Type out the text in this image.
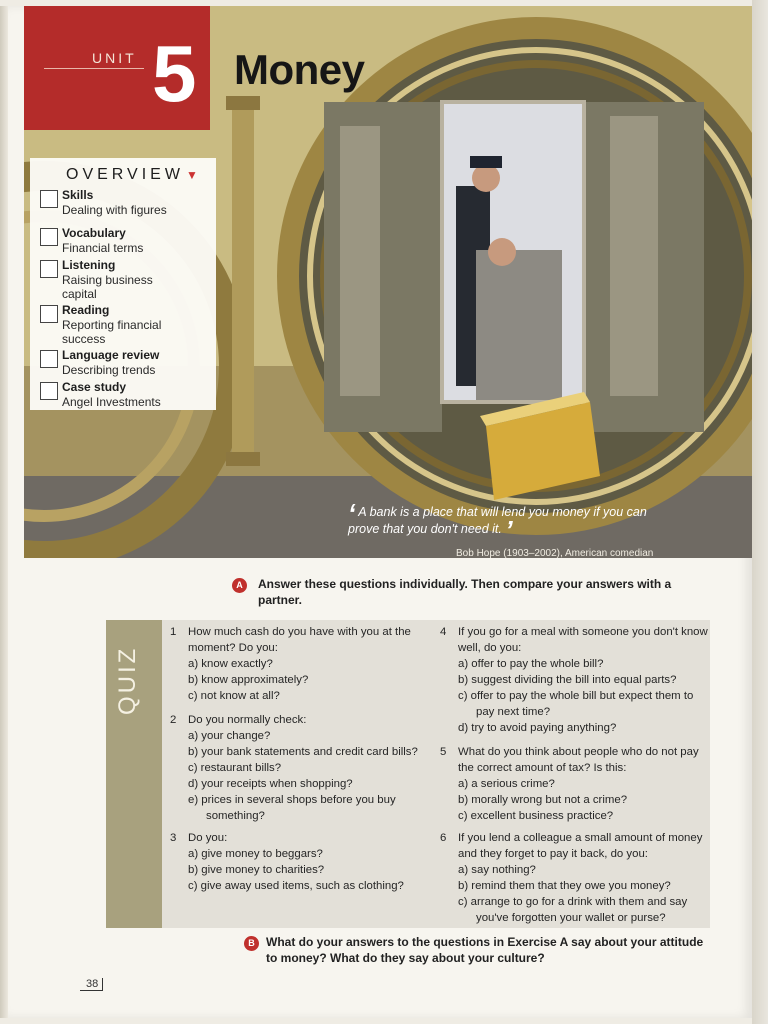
UNIT 5 Money
OVERVIEW ▼
Skills
Dealing with figures
Vocabulary
Financial terms
Listening
Raising business capital
Reading
Reporting financial success
Language review
Describing trends
Case study
Angel Investments
‘ A bank is a place that will lend you money if you can prove that you don't need it. ’
Bob Hope (1903–2002), American comedian
A	Answer these questions individually. Then compare your answers with a partner.
QUIZ
1 How much cash do you have with you at the moment? Do you:
a) know exactly?
b) know approximately?
c) not know at all?
2 Do you normally check:
a) your change?
b) your bank statements and credit card bills?
c) restaurant bills?
d) your receipts when shopping?
e) prices in several shops before you buy something?
3 Do you:
a) give money to beggars?
b) give money to charities?
c) give away used items, such as clothing?
4 If you go for a meal with someone you don't know well, do you:
a) offer to pay the whole bill?
b) suggest dividing the bill into equal parts?
c) offer to pay the whole bill but expect them to pay next time?
d) try to avoid paying anything?
5 What do you think about people who do not pay the correct amount of tax? Is this:
a) a serious crime?
b) morally wrong but not a crime?
c) excellent business practice?
6 If you lend a colleague a small amount of money and they forget to pay it back, do you:
a) say nothing?
b) remind them that they owe you money?
c) arrange to go for a drink with them and say you've forgotten your wallet or purse?
B What do your answers to the questions in Exercise A say about your attitude to money? What do they say about your culture?
38
